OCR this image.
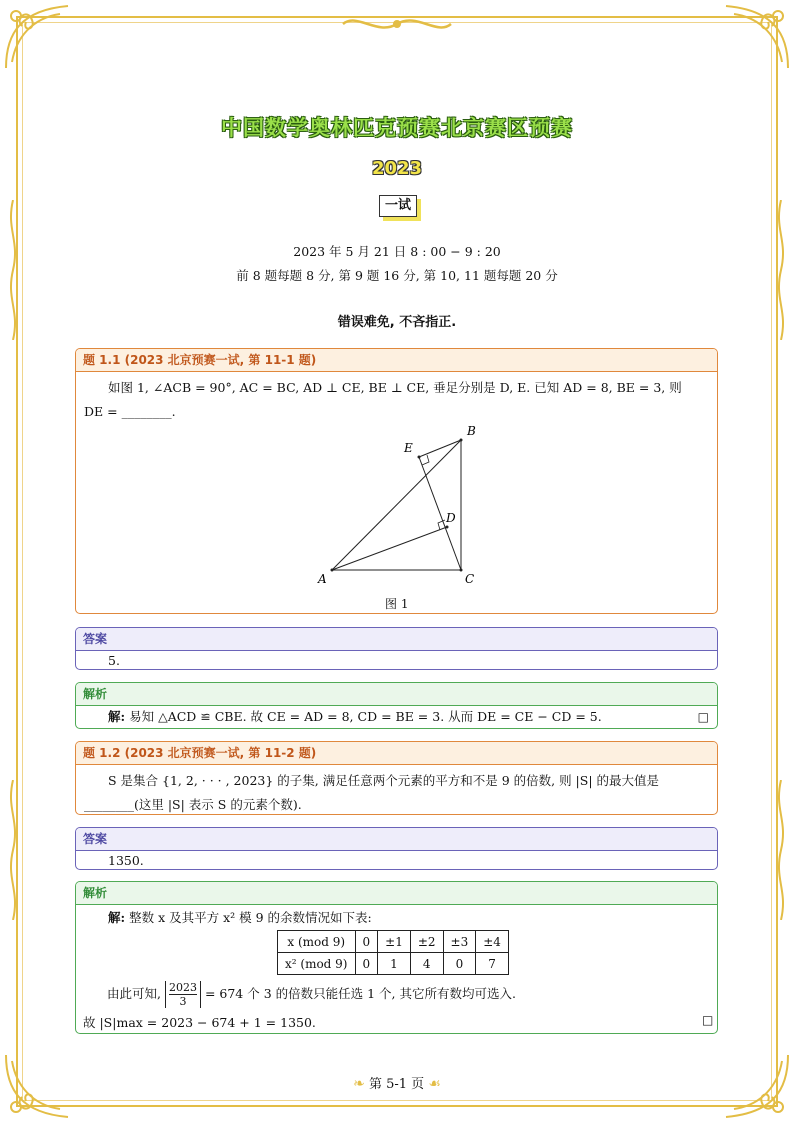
中国数学奥林匹克预赛北京赛区预赛
2023
一试
2023 年 5 月 21 日 8 : 00 − 9 : 20
前 8 题每题 8 分, 第 9 题 16 分, 第 10, 11 题每题 20 分
错误难免, 不吝指正.
题 1.1 (2023 北京预赛一试, 第 11-1 题)
如图 1, ∠ACB = 90°, AC = BC, AD ⊥ CE, BE ⊥ CE, 垂足分别是 D, E. 已知 AD = 8, BE = 3, 则
DE = ________.
A	C
B
E
D
图 1
答案
5.
解析
解: 易知 △ACD ≌ CBE. 故 CE = AD = 8, CD = BE = 3. 从而 DE = CE − CD = 5.	□
题 1.2 (2023 北京预赛一试, 第 11-2 题)
S 是集合 {1, 2, · · · , 2023} 的子集, 满足任意两个元素的平方和不是 9 的倍数, 则 |S| 的最大值是
________(这里 |S| 表示 S 的元素个数).
答案
1350.
解析
解: 整数 x 及其平方 x² 模 9 的余数情况如下表:
x (mod 9)	0	±1	±2	±3	±4
x² (mod 9)	0	1	4	0	7
由此可知, $\frac{2023}{3} = 674$ 个 3 的倍数只能任选 1 个, 其它所有数均可选入.
故 |S|max = 2023 − 674 + 1 = 1350.	□
❧ 第 5-1 页 ☙
